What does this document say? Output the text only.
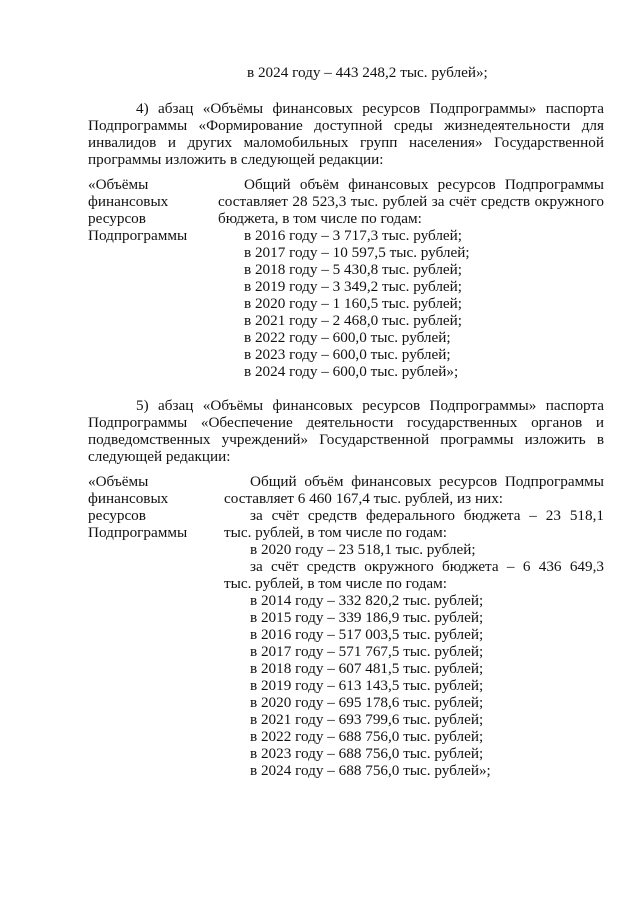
в 2024 году – 443 248,2 тыс. рублей»;
4) абзац «Объёмы финансовых ресурсов Подпрограммы» паспорта
Подпрограммы «Формирование доступной среды жизнедеятельности для
инвалидов и других маломобильных групп населения» Государственной
программы изложить в следующей редакции:
«Объёмы
финансовых
ресурсов
Подпрограммы
Общий объём финансовых ресурсов Подпрограммы
составляет 28 523,3 тыс. рублей за счёт средств окружного
бюджета, в том числе по годам:
в 2016 году – 3 717,3 тыс. рублей;
в 2017 году – 10 597,5 тыс. рублей;
в 2018 году – 5 430,8 тыс. рублей;
в 2019 году – 3 349,2 тыс. рублей;
в 2020 году – 1 160,5 тыс. рублей;
в 2021 году – 2 468,0 тыс. рублей;
в 2022 году – 600,0 тыс. рублей;
в 2023 году – 600,0 тыс. рублей;
в 2024 году – 600,0 тыс. рублей»;
5) абзац «Объёмы финансовых ресурсов Подпрограммы» паспорта
Подпрограммы «Обеспечение деятельности государственных органов и
подведомственных учреждений» Государственной программы изложить в
следующей редакции:
«Объёмы
финансовых
ресурсов
Подпрограммы
Общий объём финансовых ресурсов Подпрограммы
составляет 6 460 167,4 тыс. рублей, из них:
за счёт средств федерального бюджета – 23 518,1
тыс. рублей, в том числе по годам:
в 2020 году – 23 518,1 тыс. рублей;
за счёт средств окружного бюджета – 6 436 649,3
тыс. рублей, в том числе по годам:
в 2014 году – 332 820,2 тыс. рублей;
в 2015 году – 339 186,9 тыс. рублей;
в 2016 году – 517 003,5 тыс. рублей;
в 2017 году – 571 767,5 тыс. рублей;
в 2018 году – 607 481,5 тыс. рублей;
в 2019 году – 613 143,5 тыс. рублей;
в 2020 году – 695 178,6 тыс. рублей;
в 2021 году – 693 799,6 тыс. рублей;
в 2022 году – 688 756,0 тыс. рублей;
в 2023 году – 688 756,0 тыс. рублей;
в 2024 году – 688 756,0 тыс. рублей»;
